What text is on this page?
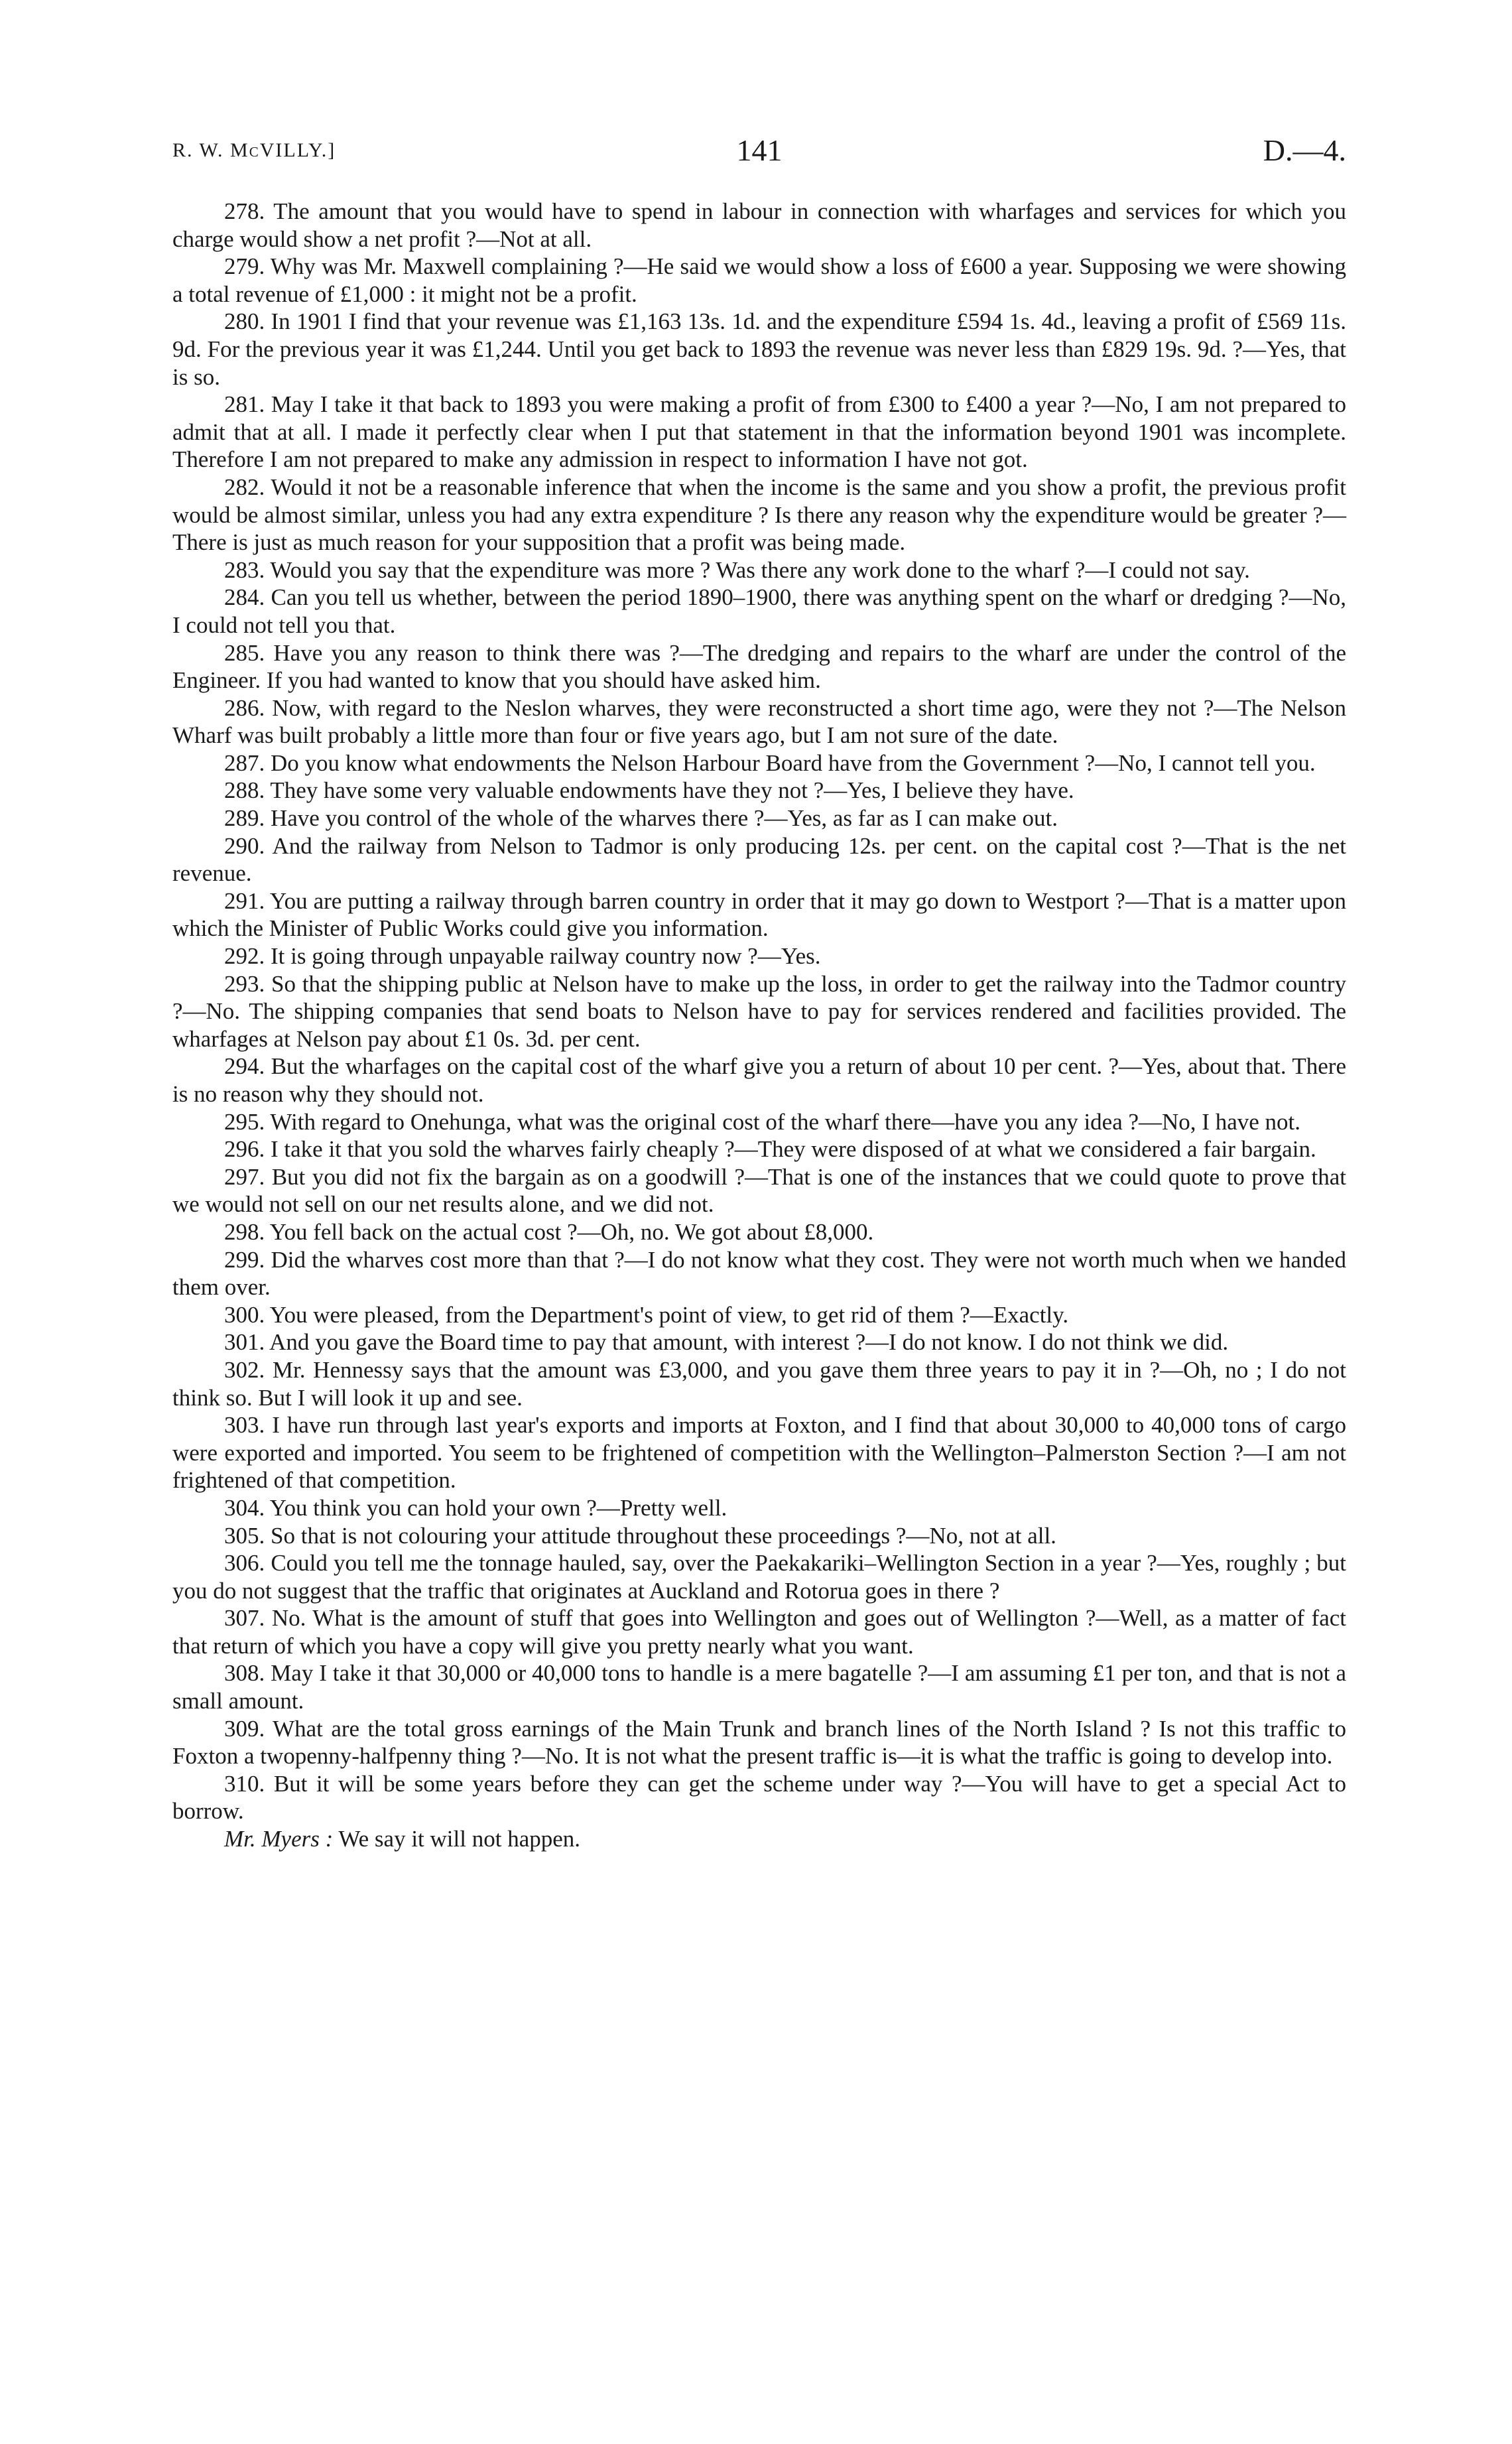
R. W. McVILLY.]	141	D.—4.

278. The amount that you would have to spend in labour in connection with wharfages and services for which you charge would show a net profit ?—Not at all.

279. Why was Mr. Maxwell complaining ?—He said we would show a loss of £600 a year. Supposing we were showing a total revenue of £1,000 : it might not be a profit.

280. In 1901 I find that your revenue was £1,163 13s. 1d. and the expenditure £594 1s. 4d., leaving a profit of £569 11s. 9d. For the previous year it was £1,244. Until you get back to 1893 the revenue was never less than £829 19s. 9d. ?—Yes, that is so.

281. May I take it that back to 1893 you were making a profit of from £300 to £400 a year ?—No, I am not prepared to admit that at all. I made it perfectly clear when I put that statement in that the information beyond 1901 was incomplete. Therefore I am not prepared to make any admission in respect to information I have not got.

282. Would it not be a reasonable inference that when the income is the same and you show a profit, the previous profit would be almost similar, unless you had any extra expenditure ? Is there any reason why the expenditure would be greater ?—There is just as much reason for your supposition that a profit was being made.

283. Would you say that the expenditure was more ? Was there any work done to the wharf ?—I could not say.

284. Can you tell us whether, between the period 1890–1900, there was anything spent on the wharf or dredging ?—No, I could not tell you that.

285. Have you any reason to think there was ?—The dredging and repairs to the wharf are under the control of the Engineer. If you had wanted to know that you should have asked him.

286. Now, with regard to the Neslon wharves, they were reconstructed a short time ago, were they not ?—The Nelson Wharf was built probably a little more than four or five years ago, but I am not sure of the date.

287. Do you know what endowments the Nelson Harbour Board have from the Government ?—No, I cannot tell you.

288. They have some very valuable endowments have they not ?—Yes, I believe they have.

289. Have you control of the whole of the wharves there ?—Yes, as far as I can make out.

290. And the railway from Nelson to Tadmor is only producing 12s. per cent. on the capital cost ?—That is the net revenue.

291. You are putting a railway through barren country in order that it may go down to Westport ?—That is a matter upon which the Minister of Public Works could give you information.

292. It is going through unpayable railway country now ?—Yes.

293. So that the shipping public at Nelson have to make up the loss, in order to get the railway into the Tadmor country ?—No. The shipping companies that send boats to Nelson have to pay for services rendered and facilities provided. The wharfages at Nelson pay about £1 0s. 3d. per cent.

294. But the wharfages on the capital cost of the wharf give you a return of about 10 per cent. ?—Yes, about that. There is no reason why they should not.

295. With regard to Onehunga, what was the original cost of the wharf there—have you any idea ?—No, I have not.

296. I take it that you sold the wharves fairly cheaply ?—They were disposed of at what we considered a fair bargain.

297. But you did not fix the bargain as on a goodwill ?—That is one of the instances that we could quote to prove that we would not sell on our net results alone, and we did not.

298. You fell back on the actual cost ?—Oh, no. We got about £8,000.

299. Did the wharves cost more than that ?—I do not know what they cost. They were not worth much when we handed them over.

300. You were pleased, from the Department's point of view, to get rid of them ?—Exactly.

301. And you gave the Board time to pay that amount, with interest ?—I do not know. I do not think we did.

302. Mr. Hennessy says that the amount was £3,000, and you gave them three years to pay it in ?—Oh, no ; I do not think so. But I will look it up and see.

303. I have run through last year's exports and imports at Foxton, and I find that about 30,000 to 40,000 tons of cargo were exported and imported. You seem to be frightened of competition with the Wellington–Palmerston Section ?—I am not frightened of that competition.

304. You think you can hold your own ?—Pretty well.

305. So that is not colouring your attitude throughout these proceedings ?—No, not at all.

306. Could you tell me the tonnage hauled, say, over the Paekakariki–Wellington Section in a year ?—Yes, roughly ; but you do not suggest that the traffic that originates at Auckland and Rotorua goes in there ?

307. No. What is the amount of stuff that goes into Wellington and goes out of Wellington ?—Well, as a matter of fact that return of which you have a copy will give you pretty nearly what you want.

308. May I take it that 30,000 or 40,000 tons to handle is a mere bagatelle ?—I am assuming £1 per ton, and that is not a small amount.

309. What are the total gross earnings of the Main Trunk and branch lines of the North Island ? Is not this traffic to Foxton a twopenny-halfpenny thing ?—No. It is not what the present traffic is—it is what the traffic is going to develop into.

310. But it will be some years before they can get the scheme under way ?—You will have to get a special Act to borrow.

Mr. Myers : We say it will not happen.
